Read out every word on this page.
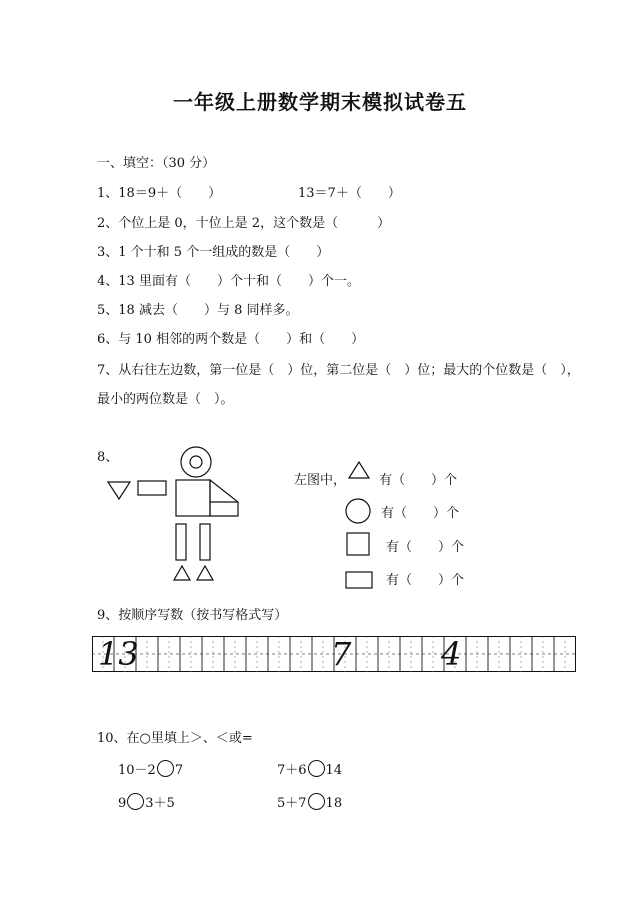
一年级上册数学期末模拟试卷五
一、填空：（30 分）
1、18＝9＋（　　）	13＝7＋（　　）
2、个位上是 0，十位上是 2，这个数是（　　　）
3、1 个十和 5 个一组成的数是（　　）
4、13 里面有（　　）个十和（　　）个一。
5、18 减去（　　）与 8 同样多。
6、与 10 相邻的两个数是（　　）和（　　）
7、从右往左边数，第一位是（　）位，第二位是（　）位；最大的个位数是（　），
最小的两位数是（　）。
8、
左图中，	有（　　）个
有（　　）个
有（　　）个
有（　　）个
9、按顺序写数（按书写格式写）
13	7	4
10、在○里填上＞、＜或=
10－2 7	7＋6 14
9 3＋5	5＋7 18
